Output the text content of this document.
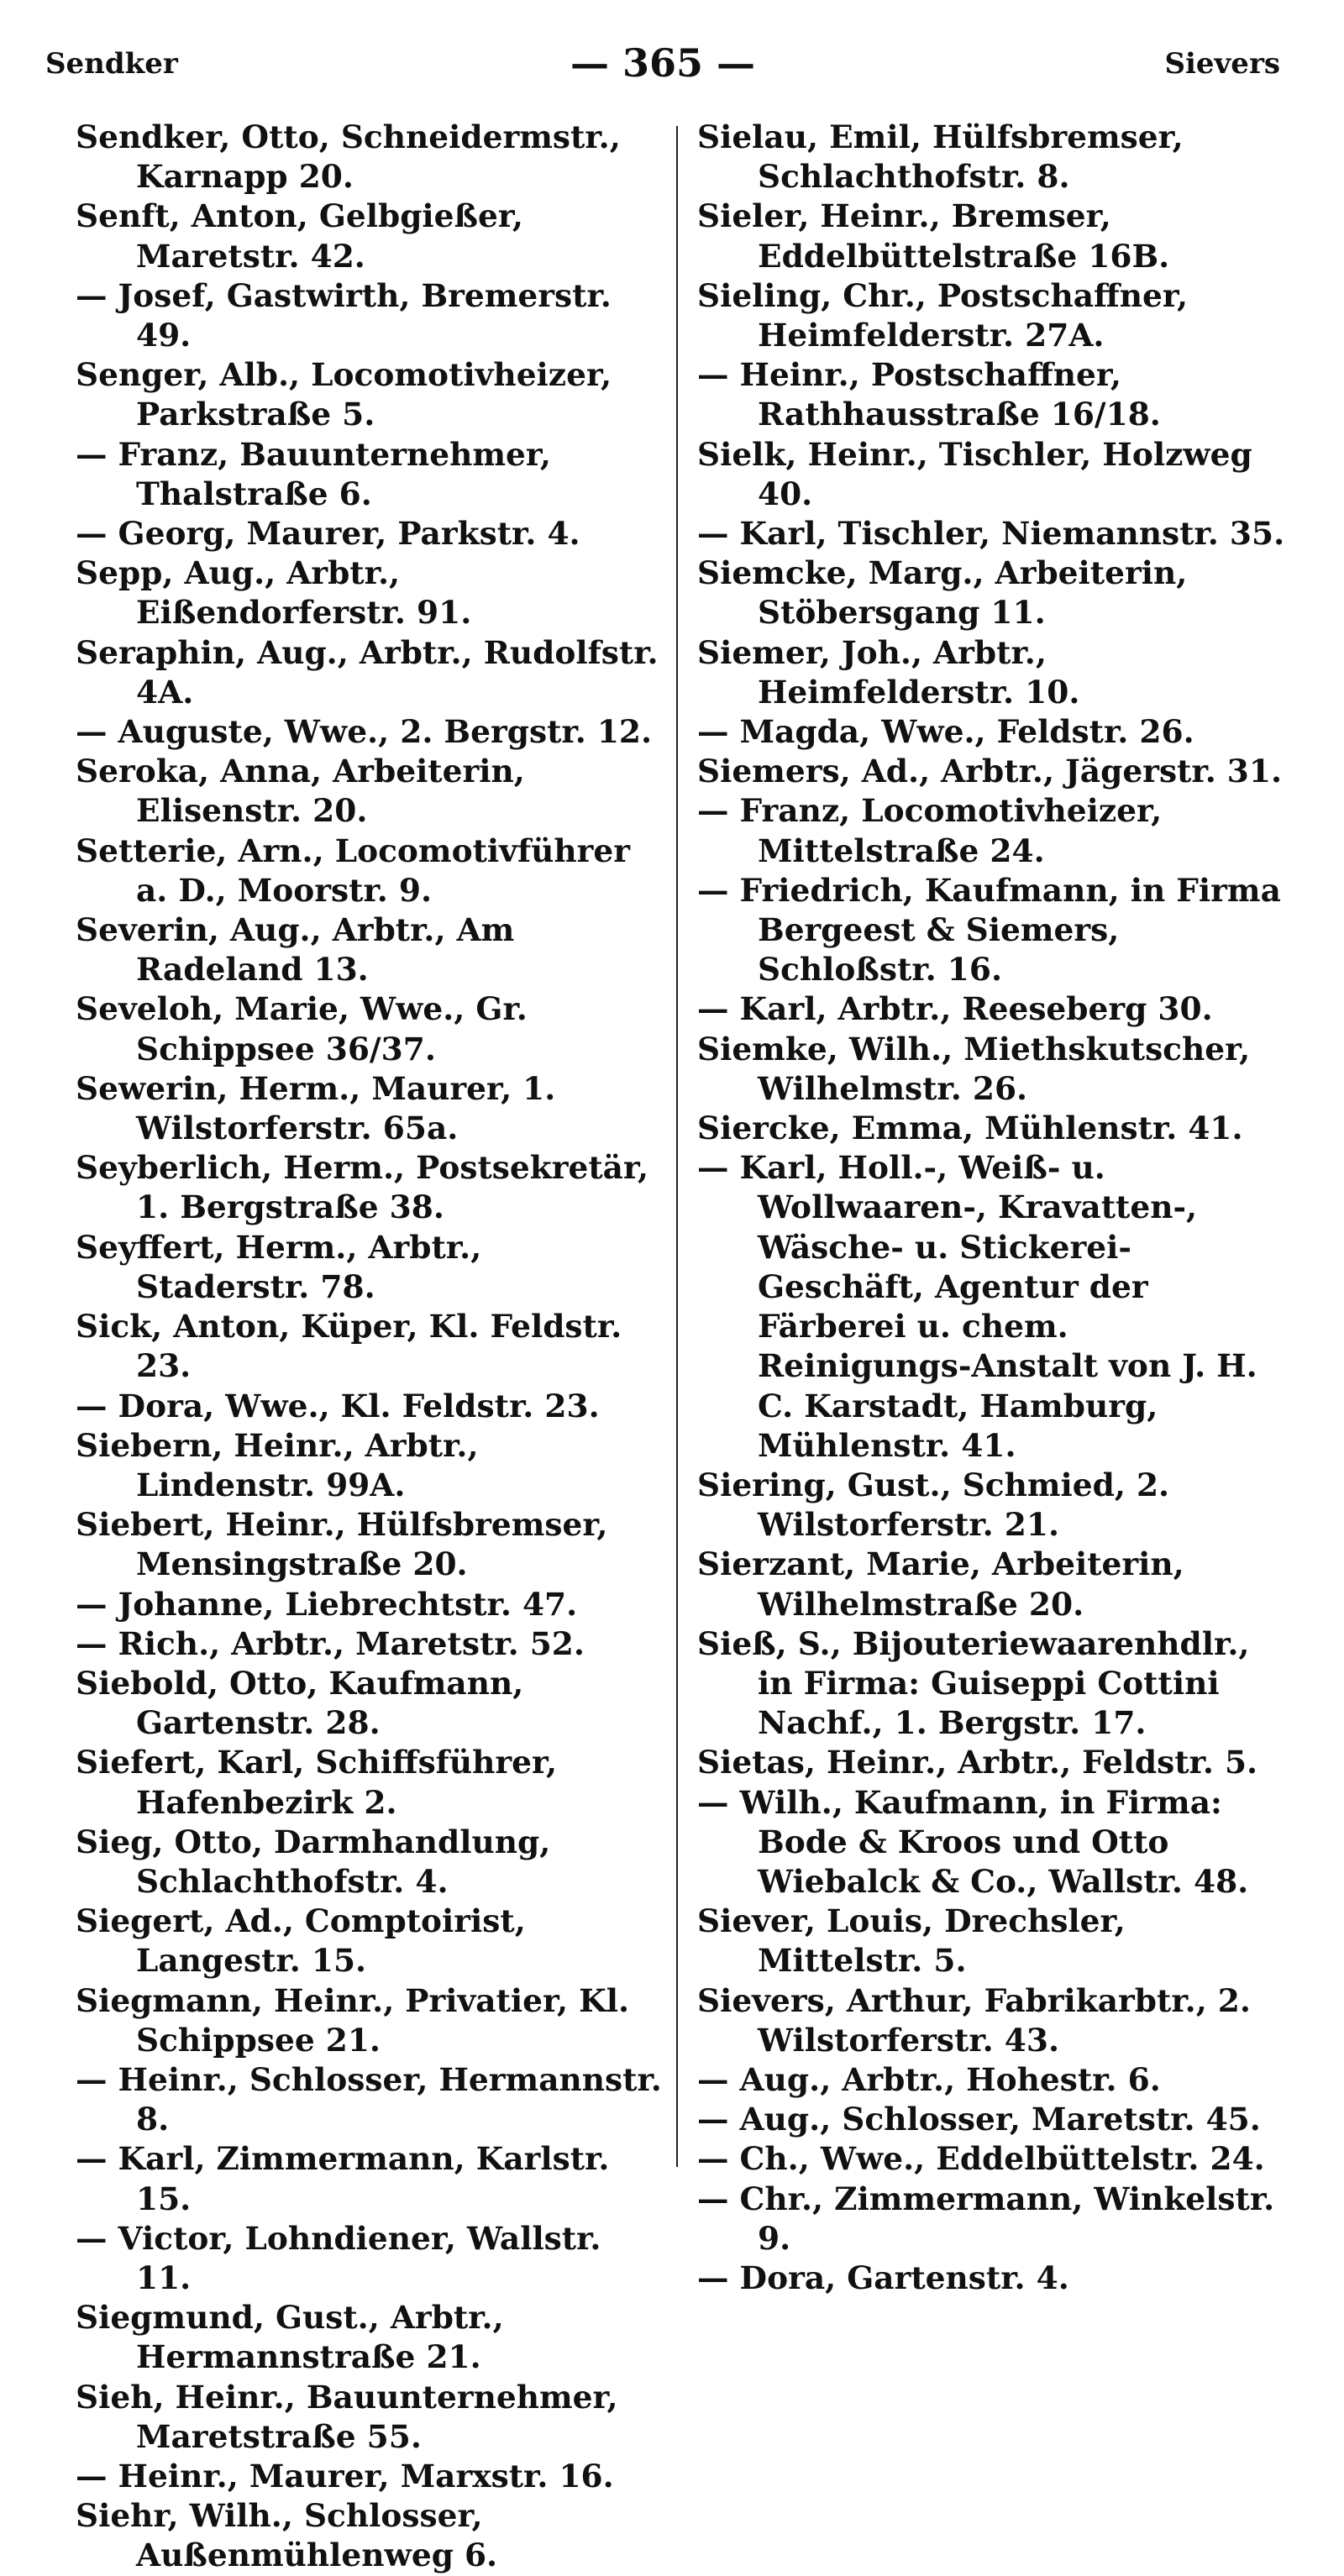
Sendker	— 365 —	Sievers

Sendker, Otto, Schneidermstr., Karnapp 20.

Senft, Anton, Gelbgießer, Maretstr. 42.

— Josef, Gastwirth, Bremerstr. 49.

Senger, Alb., Locomotivheizer, Parkstraße 5.

— Franz, Bauunternehmer, Thalstraße 6.

— Georg, Maurer, Parkstr. 4.

Sepp, Aug., Arbtr., Eißendorferstr. 91.

Seraphin, Aug., Arbtr., Rudolfstr. 4A.

— Auguste, Wwe., 2. Bergstr. 12.

Seroka, Anna, Arbeiterin, Elisenstr. 20.

Setterie, Arn., Locomotivführer a. D., Moorstr. 9.

Severin, Aug., Arbtr., Am Radeland 13.

Seveloh, Marie, Wwe., Gr. Schippsee 36/37.

Sewerin, Herm., Maurer, 1. Wilstorferstr. 65a.

Seyberlich, Herm., Postsekretär, 1. Bergstraße 38.

Seyffert, Herm., Arbtr., Staderstr. 78.

Sick, Anton, Küper, Kl. Feldstr. 23.

— Dora, Wwe., Kl. Feldstr. 23.

Siebern, Heinr., Arbtr., Lindenstr. 99A.

Siebert, Heinr., Hülfsbremser, Mensingstraße 20.

— Johanne, Liebrechtstr. 47.

— Rich., Arbtr., Maretstr. 52.

Siebold, Otto, Kaufmann, Gartenstr. 28.

Siefert, Karl, Schiffsführer, Hafenbezirk 2.

Sieg, Otto, Darmhandlung, Schlachthofstr. 4.

Siegert, Ad., Comptoirist, Langestr. 15.

Siegmann, Heinr., Privatier, Kl. Schippsee 21.

— Heinr., Schlosser, Hermannstr. 8.

— Karl, Zimmermann, Karlstr. 15.

— Victor, Lohndiener, Wallstr. 11.

Siegmund, Gust., Arbtr., Hermannstraße 21.

Sieh, Heinr., Bauunternehmer, Maretstraße 55.

— Heinr., Maurer, Marxstr. 16.

Siehr, Wilh., Schlosser, Außenmühlenweg 6.

Sielau, Emil, Hülfsbremser, Schlachthofstr. 8.

Sieler, Heinr., Bremser, Eddelbüttelstraße 16B.

Sieling, Chr., Postschaffner, Heimfelderstr. 27A.

— Heinr., Postschaffner, Rathhausstraße 16/18.

Sielk, Heinr., Tischler, Holzweg 40.

— Karl, Tischler, Niemannstr. 35.

Siemcke, Marg., Arbeiterin, Stöbersgang 11.

Siemer, Joh., Arbtr., Heimfelderstr. 10.

— Magda, Wwe., Feldstr. 26.

Siemers, Ad., Arbtr., Jägerstr. 31.

— Franz, Locomotivheizer, Mittelstraße 24.

— Friedrich, Kaufmann, in Firma Bergeest & Siemers, Schloßstr. 16.

— Karl, Arbtr., Reeseberg 30.

Siemke, Wilh., Miethskutscher, Wilhelmstr. 26.

Siercke, Emma, Mühlenstr. 41.

— Karl, Holl.-, Weiß- u. Wollwaaren-, Kravatten-, Wäsche- u. Stickerei-Geschäft, Agentur der Färberei u. chem. Reinigungs-Anstalt von J. H. C. Karstadt, Hamburg, Mühlenstr. 41.

Siering, Gust., Schmied, 2. Wilstorferstr. 21.

Sierzant, Marie, Arbeiterin, Wilhelmstraße 20.

Sieß, S., Bijouteriewaarenhdlr., in Firma: Guiseppi Cottini Nachf., 1. Bergstr. 17.

Sietas, Heinr., Arbtr., Feldstr. 5.

— Wilh., Kaufmann, in Firma: Bode & Kroos und Otto Wiebalck & Co., Wallstr. 48.

Siever, Louis, Drechsler, Mittelstr. 5.

Sievers, Arthur, Fabrikarbtr., 2. Wilstorferstr. 43.

— Aug., Arbtr., Hohestr. 6.

— Aug., Schlosser, Maretstr. 45.

— Ch., Wwe., Eddelbüttelstr. 24.

— Chr., Zimmermann, Winkelstr. 9.

— Dora, Gartenstr. 4.
